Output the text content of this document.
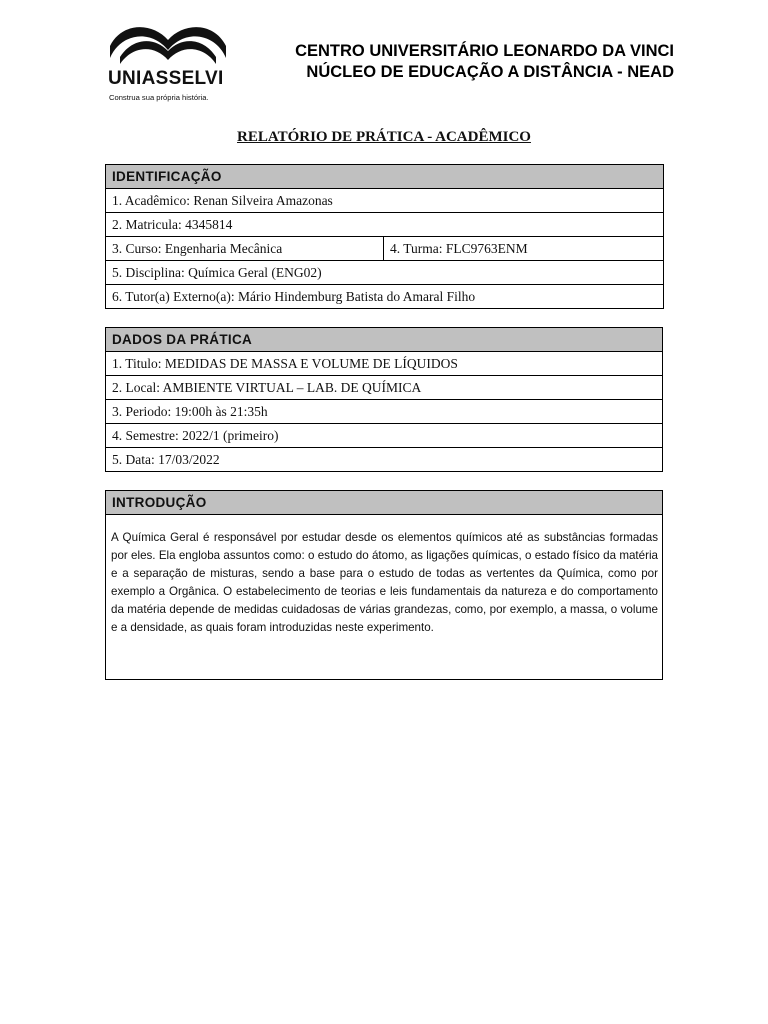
UNIASSELVI
Construa sua própria história.
CENTRO UNIVERSITÁRIO LEONARDO DA VINCI
NÚCLEO DE EDUCAÇÃO A DISTÂNCIA - NEAD
RELATÓRIO DE PRÁTICA - ACADÊMICO
IDENTIFICAÇÃO
1. Acadêmico: Renan Silveira Amazonas
2. Matricula: 4345814
3. Curso: Engenharia Mecânica	4. Turma: FLC9763ENM
5. Disciplina: Química Geral (ENG02)
6. Tutor(a) Externo(a): Mário Hindemburg Batista do Amaral Filho
DADOS DA PRÁTICA
1. Titulo: MEDIDAS DE MASSA E VOLUME DE LÍQUIDOS
2. Local: AMBIENTE VIRTUAL – LAB. DE QUÍMICA
3. Periodo: 19:00h às 21:35h
4. Semestre: 2022/1 (primeiro)
5. Data: 17/03/2022
INTRODUÇÃO
A Química Geral é responsável por estudar desde os elementos químicos até as substâncias formadas por eles. Ela engloba assuntos como: o estudo do átomo, as ligações químicas, o estado físico da matéria e a separação de misturas, sendo a base para o estudo de todas as vertentes da Química, como por exemplo a Orgânica. O estabelecimento de teorias e leis fundamentais da natureza e do comportamento da matéria depende de medidas cuidadosas de várias grandezas, como, por exemplo, a massa, o volume e a densidade, as quais foram introduzidas neste experimento.
